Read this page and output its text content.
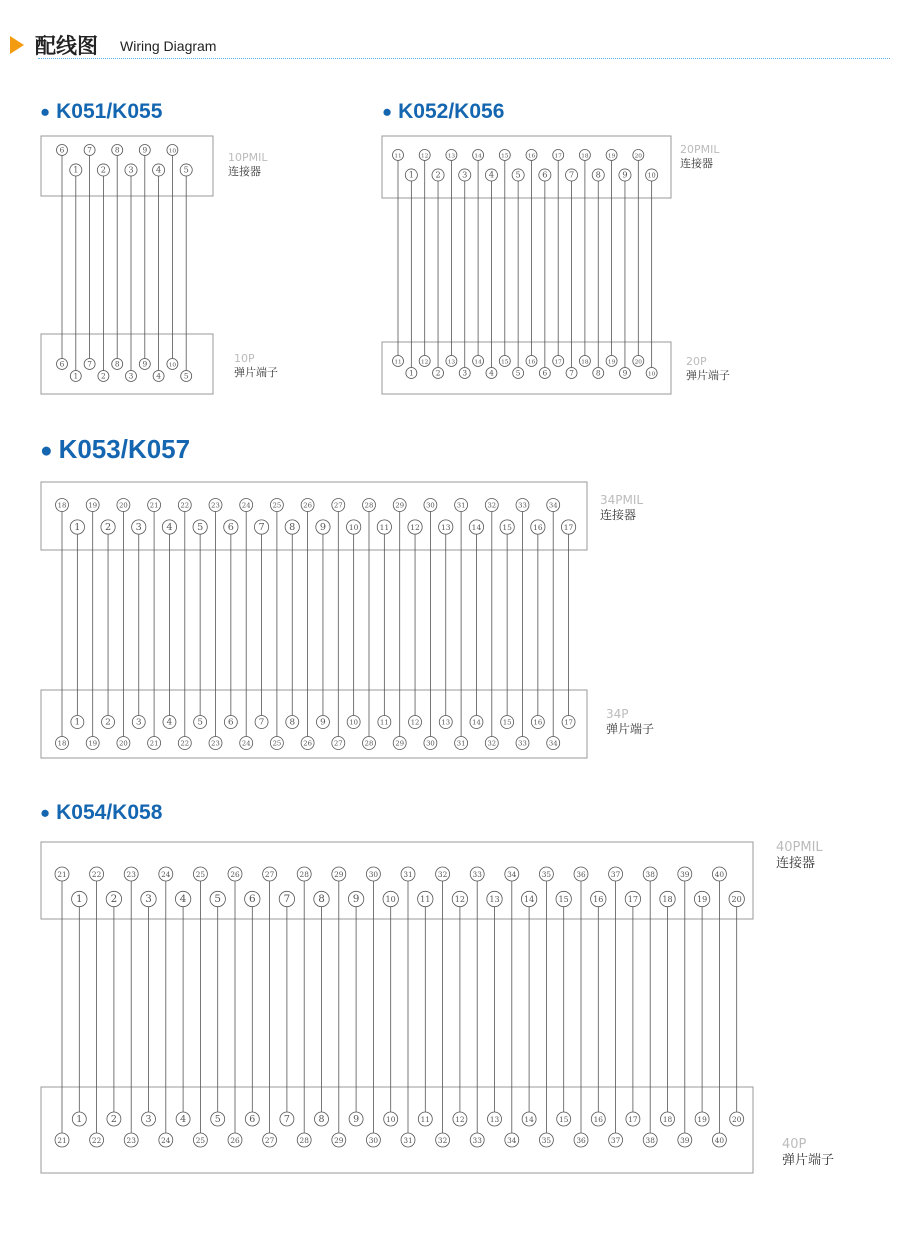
配线图 Wiring Diagram
● K051/K055	● K052/K056
● K053/K057
● K054/K058
10PMIL
连接器
10P
弹片端子
6
1
6
1
7
2
7
2
8
3
8
3
9
4
9
4
10
5
10
5
20PMIL
连接器
20P
弹片端子
11
1
11
1
12
2
12
2
13
3
13
3
14
4
14
4
15
5
15
5
16
6
16
6
17
7
17
7
18
8
18
8
19
9
19
9
20
10
20
10
34PMIL
连接器
34P
弹片端子
18
1
18
1
19
2
19
2
20
3
20
3
21
4
21
4
22
5
22
5
23
6
23
6
24
7
24
7
25
8
25
8
26
9
26
9
27
10
27
10
28
11
28
11
29
12
29
12
30
13
30
13
31
14
31
14
32
15
32
15
33
16
33
16
34
17
34
17
40PMIL
连接器
40P
弹片端子
21
1
21
1
22
2
22
2
23
3
23
3
24
4
24
4
25
5
25
5
26
6
26
6
27
7
27
7
28
8
28
8
29
9
29
9
30
10
30
10
31
11
31
11
32
12
32
12
33
13
33
13
34
14
34
14
35
15
35
15
36
16
36
16
37
17
37
17
38
18
38
18
39
19
39
19
40
20
40
20
